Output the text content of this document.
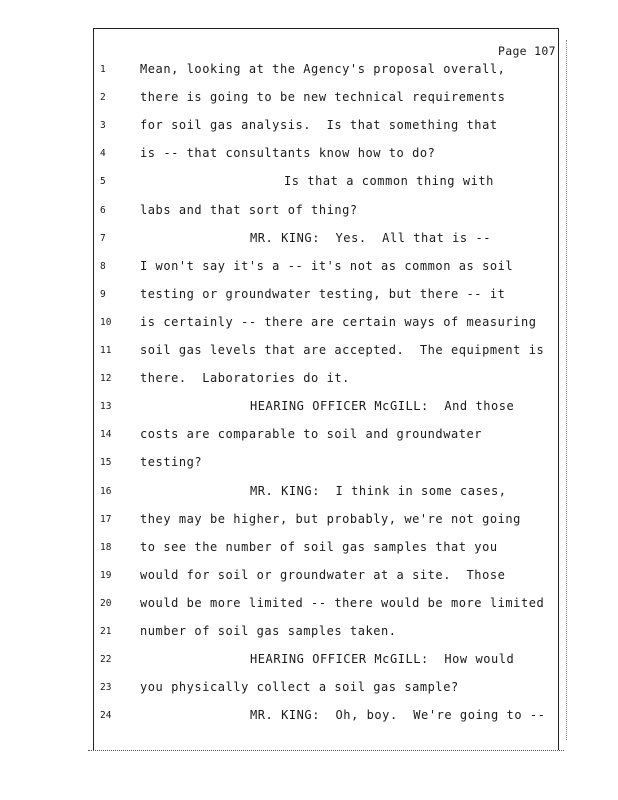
Page 107
1	Mean, looking at the Agency's proposal overall,
2	there is going to be new technical requirements
3	for soil gas analysis.  Is that something that
4	is -- that consultants know how to do?
5	Is that a common thing with
6	labs and that sort of thing?
7	MR. KING:  Yes.  All that is --
8	I won't say it's a -- it's not as common as soil
9	testing or groundwater testing, but there -- it
10	is certainly -- there are certain ways of measuring
11	soil gas levels that are accepted.  The equipment is
12	there.  Laboratories do it.
13	HEARING OFFICER McGILL:  And those
14	costs are comparable to soil and groundwater
15	testing?
16	MR. KING:  I think in some cases,
17	they may be higher, but probably, we're not going
18	to see the number of soil gas samples that you
19	would for soil or groundwater at a site.  Those
20	would be more limited -- there would be more limited
21	number of soil gas samples taken.
22	HEARING OFFICER McGILL:  How would
23	you physically collect a soil gas sample?
24	MR. KING:  Oh, boy.  We're going to --
